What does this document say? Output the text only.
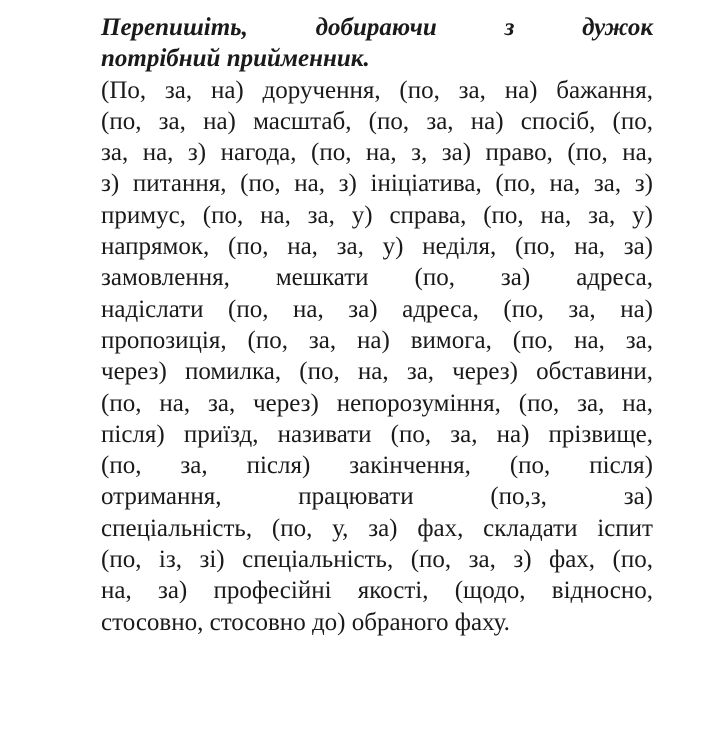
Перепишіть, добираючи з дужок
потрібний прийменник.
(По, за, на) доручення, (по, за, на) бажання,
(по, за, на) масштаб, (по, за, на) спосіб, (по,
за, на, з) нагода, (по, на, з, за) право, (по, на,
з) питання, (по, на, з) ініціатива, (по, на, за, з)
примус, (по, на, за, у) справа, (по, на, за, у)
напрямок, (по, на, за, у) неділя, (по, на, за)
замовлення, мешкати (по, за) адреса,
надіслати (по, на, за) адреса, (по, за, на)
пропозиція, (по, за, на) вимога, (по, на, за,
через) помилка, (по, на, за, через) обставини,
(по, на, за, через) непорозуміння, (по, за, на,
після) приїзд, називати (по, за, на) прізвище,
(по, за, після) закінчення, (по, після)
отримання, працювати (по,з, за)
спеціальність, (по, у, за) фах, складати іспит
(по, із, зі) спеціальність, (по, за, з) фах, (по,
на, за) професійні якості, (щодо, відносно,
стосовно, стосовно до) обраного фаху.
